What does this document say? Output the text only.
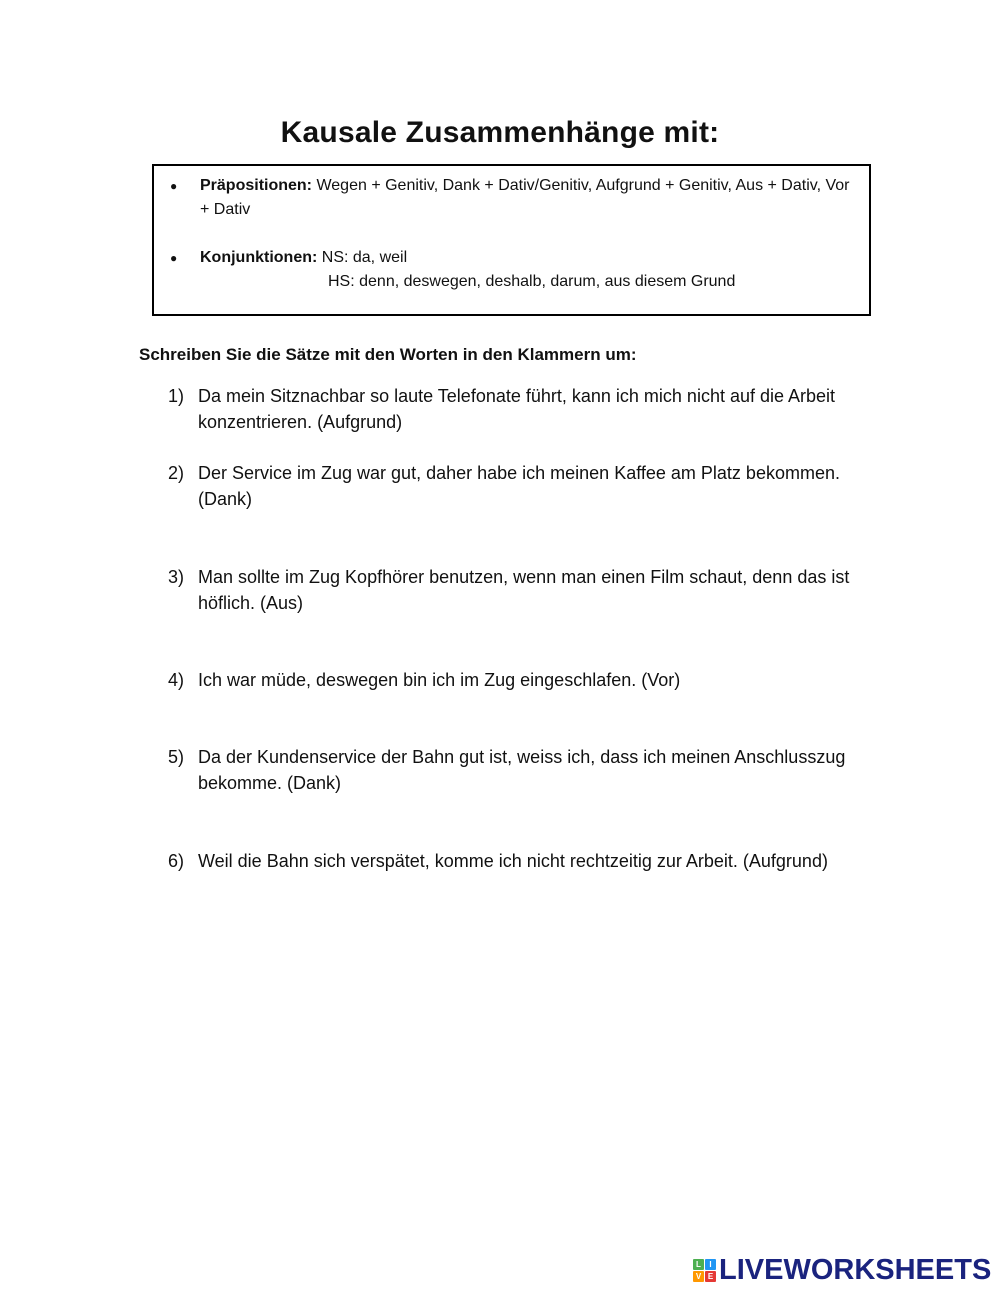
Kausale Zusammenhänge mit:
●	Präpositionen: Wegen + Genitiv, Dank + Dativ/Genitiv, Aufgrund + Genitiv, Aus + Dativ, Vor + Dativ
●	Konjunktionen: NS: da, weil
HS: denn, deswegen, deshalb, darum, aus diesem Grund

Schreiben Sie die Sätze mit den Worten in den Klammern um:

1) Da mein Sitznachbar so laute Telefonate führt, kann ich mich nicht auf die Arbeit konzentrieren. (Aufgrund)
2) Der Service im Zug war gut, daher habe ich meinen Kaffee am Platz bekommen. (Dank)
3) Man sollte im Zug Kopfhörer benutzen, wenn man einen Film schaut, denn das ist höflich. (Aus)
4) Ich war müde, deswegen bin ich im Zug eingeschlafen. (Vor)
5) Da der Kundenservice der Bahn gut ist, weiss ich, dass ich meinen Anschlusszug bekomme. (Dank)
6) Weil die Bahn sich verspätet, komme ich nicht rechtzeitig zur Arbeit. (Aufgrund)
L	I
V E LIVEWORKSHEETS
